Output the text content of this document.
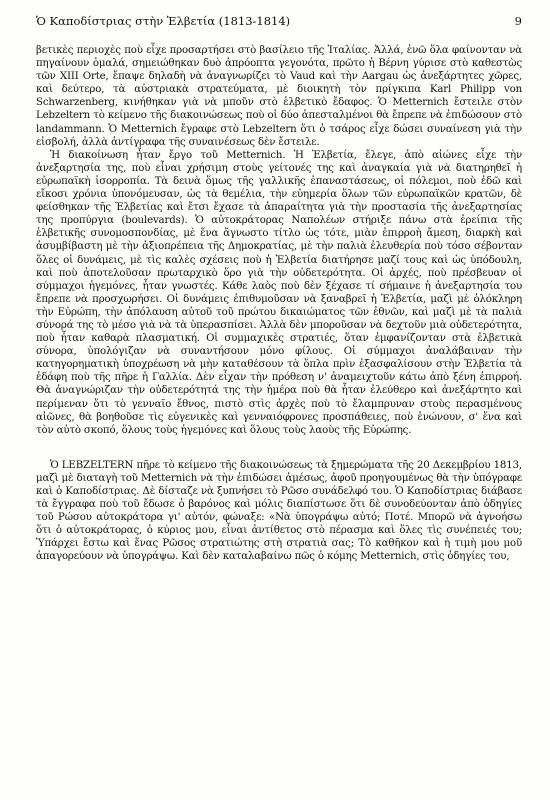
Ὁ Καποδίστριας στὴν Ἑλβετία (1813-1814)	9

βετικὲς περιοχὲς ποὺ εἶχε προσαρτήσει στὸ βασίλειο τῆς Ἰταλίας. Ἀλλά, ἐνῶ ὅλα φαίνονταν νὰ πηγαίνουν ὁμαλά, σημειώθηκαν δυὸ ἀπρόοπτα γεγονότα, πρῶτο ἡ Βέρνη γύρισε στὸ καθεστὼς τῶν XIII Orte, ἔπαψε δηλαδὴ νὰ ἀναγνωρίζει τὸ Vaud καὶ τὴν Aargau ὡς ἀνεξάρτητες χῶρες, καὶ δεύτερο, τὰ αὐστριακὰ στρατεύματα, μὲ διοικητὴ τὸν πρίγκιπα Karl Philipp von Schwarzenberg, κινήθηκαν γιὰ νὰ μποῦν στὸ ἑλβετικὸ ἔδαφος. Ὁ Metternich ἔστειλε στὸν Lebzeltern τὸ κείμενο τῆς διακοινώσεως ποὺ οἱ δύο ἀπεσταλμένοι θὰ ἔπρεπε νὰ ἐπιδώσουν στὸ landammann. Ὁ Metternich ἔγραφε στὸ Lebzeltern ὅτι ὁ τσάρος εἶχε δώσει συναίνεση γιὰ τὴν εἰσβολή, ἀλλὰ ἀντίγραφα τῆς συναινέσεως δὲν ἔστειλε.

Ἡ διακοίνωση ἦταν ἔργο τοῦ Metternich. Ἡ Ἑλβετία, ἔλεγε, ἀπὸ αἰώνες εἶχε τὴν ἀνεξαρτησία της, ποὺ εἶναι χρήσιμη στοὺς γείτονές της καὶ ἀναγκαία γιὰ νὰ διατηρηθεῖ ἡ εὐρωπαϊκὴ ἰσορροπία. Τὰ δεινὰ ὅμως τῆς γαλλικῆς ἐπαναστάσεως, οἱ πόλεμοι, ποὺ ἐδῶ καὶ εἴκοσι χρόνια ὑπονόμευσαν, ὡς τὰ θεμέλια, τὴν εὐημερία ὅλων τῶν εὐρωπαϊκῶν κρατῶν, δὲ φείσθηκαν τῆς Ἑλβετίας καὶ ἔτσι ἔχασε τὰ ἀπαραίτητα γιὰ τὴν προστασία τῆς ἀνεξαρτησίας της προπύργια (boulevards). Ὁ αὐτοκράτορας Ναπολέων στήριξε πάνω στὰ ἐρείπια τῆς ἑλβετικῆς συνομοσπονδίας, μὲ ἕνα ἄγνωστο τίτλο ὡς τότε, μιὰν ἐπιρροὴ ἄμεση, διαρκὴ καὶ ἀσυμβίβαστη μὲ τὴν ἀξιοπρέπεια τῆς Δημοκρατίας, μὲ τὴν παλιὰ ἐλευθερία ποὺ τόσο σέβονταν ὅλες οἱ δυνάμεις, μὲ τὶς καλὲς σχέσεις ποὺ ἡ Ἑλβετία διατήρησε μαζί τους καὶ ὡς ὑπόδουλη, καὶ ποὺ ἀποτελοῦσαν πρωταρχικὸ ὅρο γιὰ τὴν οὐδετερότητα. Οἱ ἀρχές, ποὺ πρέσβευαν οἱ σύμμαχοι ἡγεμόνες, ἦταν γνωστές. Κάθε λαὸς ποὺ δὲν ξέχασε τί σήμαινε ἡ ἀνεξαρτησία του ἔπρεπε νὰ προσχωρήσει. Οἱ δυνάμεις ἐπιθυμοῦσαν νὰ ξαναβρεῖ ἡ Ἑλβετία, μαζὶ μὲ ὁλόκληρη τὴν Εὐρώπη, τὴν ἀπόλαυση αὐτοῦ τοῦ πρώτου δικαιώματος τῶν ἐθνῶν, καὶ μαζὶ μὲ τὰ παλιὰ σύνορά της τὸ μέσο γιὰ νὰ τὰ ὑπερασπίσει. Ἀλλὰ δὲν μποροῦσαν νὰ δεχτοῦν μιὰ οὐδετερότητα, ποὺ ἦταν καθαρὰ πλασματική. Οἱ συμμαχικὲς στρατιές, ὅταν ἐμφανίζονταν στὰ ἑλβετικὰ σύνορα, ὑπολόγιζαν νὰ συναντήσουν μόνο φίλους. Οἱ σύμμαχοι ἀναλάβαιναν τὴν κατηγορηματικὴ ὑποχρέωση νὰ μὴν καταθέσουν τὰ ὅπλα πρὶν ἐξασφαλίσουν στὴν Ἑλβετία τὰ ἐδάφη ποὺ τῆς πῆρε ἡ Γαλλία. Δὲν εἶχαν τὴν πρόθεση ν' ἀναμειχτοῦν κάτω ἀπὸ ξένη ἐπιρροή. Θὰ ἀναγνώριζαν τὴν οὐδετερότητά της τὴν ἡμέρα ποὺ θὰ ἦταν ἐλεύθερο καὶ ἀνεξάρτητο καὶ περίμεναν ὅτι τὸ γενναῖο ἔθνος, πιστὸ στὶς ἀρχὲς ποὺ τὸ ἔλαμπρυναν στοὺς περασμένους αἰῶνες, θὰ βοηθοῦσε τὶς εὐγενικὲς καὶ γενναιόφρονες προσπάθειες, ποὺ ἑνώνουν, σ' ἕνα καὶ τὸν αὐτὸ σκοπό, ὅλους τοὺς ἡγεμόνες καὶ ὅλους τοὺς λαοὺς τῆς Εὐρώπης.

Ὁ LEBZELTERN πῆρε τὸ κείμενο τῆς διακοινώσεως τὰ ξημερώματα τῆς 20 Δεκεμβρίου 1813, μαζὶ μὲ διαταγὴ τοῦ Metternich νὰ τὴν ἐπιδώσει ἀμέσως, ἀφοῦ προηγουμένως θὰ τὴν ὑπόγραφε καὶ ὁ Καποδίστριας. Δὲ δίσταζε νὰ ξυπνήσει τὸ Ρῶσο συνάδελφό του. Ὁ Καποδίστριας διάβασε τὰ ἔγγραφα ποὺ τοῦ ἔδωσε ὁ βαρόνος καὶ μόλις διαπίστωσε ὅτι δὲ συνοδεύονταν ἀπὸ ὁδηγίες τοῦ Ρώσου αὐτοκράτορα γι' αὐτόν, φώναξε: «Νὰ ὑπογράψω αὐτό; Ποτέ. Μπορῶ νὰ ἀγνοήσω ὅτι ὁ αὐτοκράτορας, ὁ κύριος μου, εἶναι ἀντίθετος στὸ πέρασμα καὶ ὅλες τὶς συνέπειές του; Ὑπάρχει ἔστω καὶ ἕνας Ρῶσος στρατιώτης στὴ στρατιὰ σας; Τὸ καθῆκον καὶ ἡ τιμὴ μου μοῦ ἀπαγορεύουν νὰ ὑπογράψω. Καὶ δὲν καταλαβαίνω πῶς ὁ κόμης Metternich, στὶς ὁδηγίες του,
